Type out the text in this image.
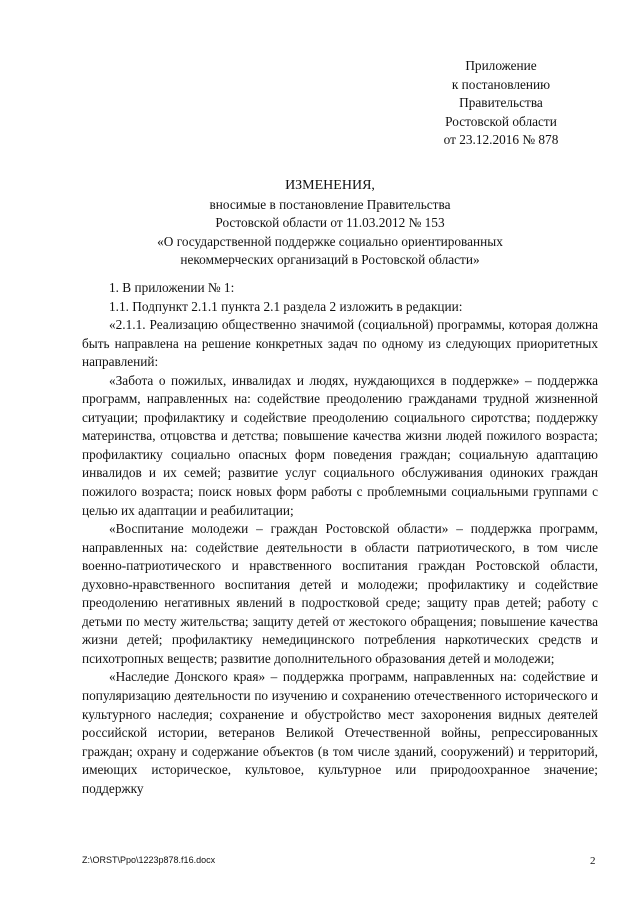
Приложение
к постановлению
Правительства
Ростовской области
от 23.12.2016 № 878
ИЗМЕНЕНИЯ,
вносимые в постановление Правительства
Ростовской области от 11.03.2012 № 153
«О государственной поддержке социально ориентированных
некоммерческих организаций в Ростовской области»

1. В приложении № 1:

1.1. Подпункт 2.1.1 пункта 2.1 раздела 2 изложить в редакции:

«2.1.1. Реализацию общественно значимой (социальной) программы, которая должна быть направлена на решение конкретных задач по одному из следующих приоритетных направлений:

«Забота о пожилых, инвалидах и людях, нуждающихся в поддержке» – поддержка программ, направленных на: содействие преодолению гражданами трудной жизненной ситуации; профилактику и содействие преодолению социального сиротства; поддержку материнства, отцовства и детства; повышение качества жизни людей пожилого возраста; профилактику социально опасных форм поведения граждан; социальную адаптацию инвалидов и их семей; развитие услуг социального обслуживания одиноких граждан пожилого возраста; поиск новых форм работы с проблемными социальными группами с целью их адаптации и реабилитации;

«Воспитание молодежи – граждан Ростовской области» – поддержка программ, направленных на: содействие деятельности в области патриотического, в том числе военно-патриотического и нравственного воспитания граждан Ростовской области, духовно-нравственного воспитания детей и молодежи; профилактику и содействие преодолению негативных явлений в подростковой среде; защиту прав детей; работу с детьми по месту жительства; защиту детей от жестокого обращения; повышение качества жизни детей; профилактику немедицинского потребления наркотических средств и психотропных веществ; развитие дополнительного образования детей и молодежи;

«Наследие Донского края» – поддержка программ, направленных на: содействие и популяризацию деятельности по изучению и сохранению отечественного исторического и культурного наследия; сохранение и обустройство мест захоронения видных деятелей российской истории, ветеранов Великой Отечественной войны, репрессированных граждан; охрану и содержание объектов (в том числе зданий, сооружений) и территорий, имеющих историческое, культовое, культурное или природоохранное значение; поддержку

Z:\ORST\Ppo\1223p878.f16.docx	2
